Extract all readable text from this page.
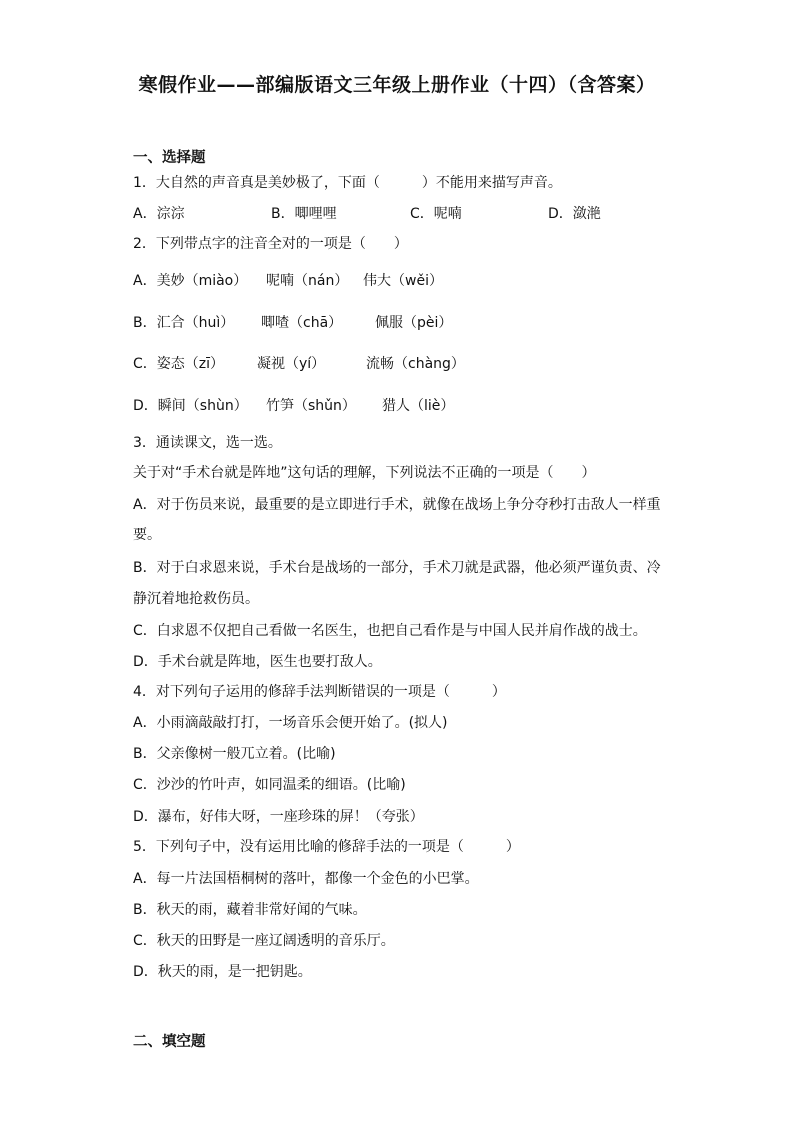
寒假作业——部编版语文三年级上册作业（十四）（含答案）
一、选择题
1．大自然的声音真是美妙极了，下面（　　　）不能用来描写声音。
A．淙淙	B．唧哩哩	C．呢喃	D．潋滟
2．下列带点字的注音全对的一项是（　　）
A．美妙（miào） 呢喃（nán） 伟大（wěi）
B．汇合（huì） 唧喳（chā） 佩服（pèi）
C．姿态（zī） 凝视（yí）	流畅（chàng）
D．瞬间（shùn） 竹笋（shǔn） 猎人（liè）
3．通读课文，选一选。
关于对“手术台就是阵地”这句话的理解，下列说法不正确的一项是（　　）
A．对于伤员来说，最重要的是立即进行手术，就像在战场上争分夺秒打击敌人一样重
要。
B．对于白求恩来说，手术台是战场的一部分，手术刀就是武器，他必须严谨负责、冷
静沉着地抢救伤员。
C．白求恩不仅把自己看做一名医生，也把自己看作是与中国人民并肩作战的战士。
D．手术台就是阵地，医生也要打敌人。
4．对下列句子运用的修辞手法判断错误的一项是（　　　）
A．小雨滴敲敲打打，一场音乐会便开始了。(拟人)
B．父亲像树一般兀立着。(比喻)
C．沙沙的竹叶声，如同温柔的细语。(比喻)
D．瀑布，好伟大呀，一座珍珠的屏！（夸张）
5．下列句子中，没有运用比喻的修辞手法的一项是（　　　）
A．每一片法国梧桐树的落叶，都像一个金色的小巴掌。
B．秋天的雨，藏着非常好闻的气味。
C．秋天的田野是一座辽阔透明的音乐厅。
D．秋天的雨，是一把钥匙。
二、填空题
